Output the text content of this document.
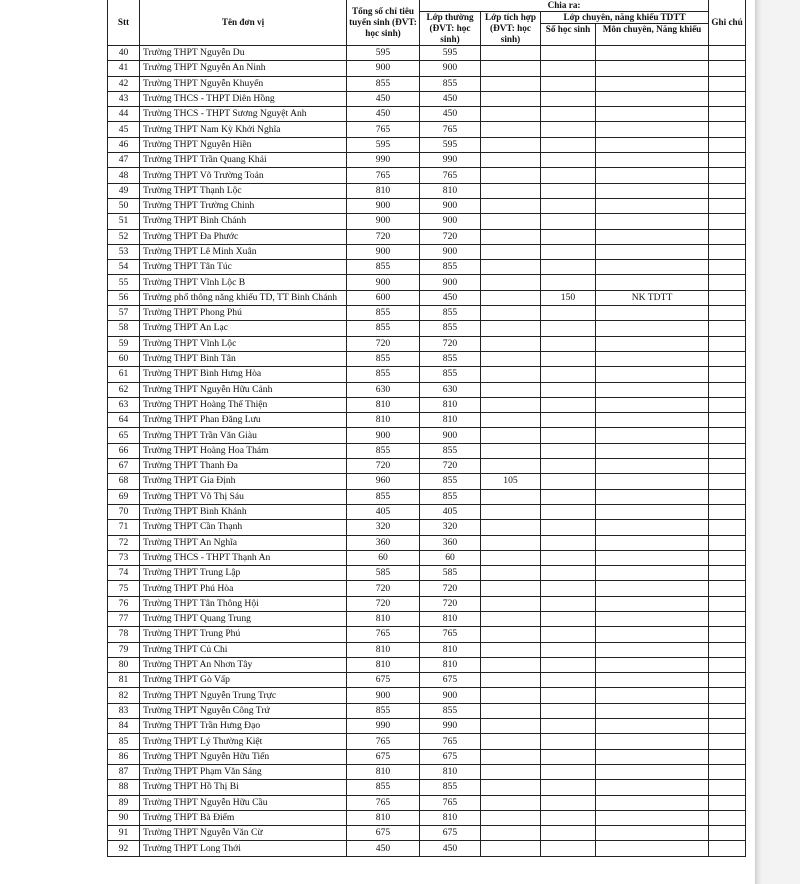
Stt	Tên đơn vị	Tổng số chỉ tiêu tuyển sinh (ĐVT: học sinh)	Chia ra:				Ghi chú
			Lớp thường (ĐVT: học sinh)	Lớp tích hợp (ĐVT: học sinh)	Lớp chuyên, năng khiếu TDTT		
					Số học sinh	Môn chuyên, Năng khiếu	
40	Trường THPT Nguyễn Du	595	595				
41	Trường THPT Nguyễn An Ninh	900	900				
42	Trường THPT Nguyễn Khuyến	855	855				
43	Trường THCS - THPT Diên Hồng	450	450				
44	Trường THCS - THPT Sương Nguyệt Anh	450	450				
45	Trường THPT Nam Kỳ Khởi Nghĩa	765	765				
46	Trường THPT Nguyễn Hiền	595	595				
47	Trường THPT Trần Quang Khải	990	990				
48	Trường THPT Võ Trường Toản	765	765				
49	Trường THPT Thạnh Lộc	810	810				
50	Trường THPT Trường Chinh	900	900				
51	Trường THPT Bình Chánh	900	900				
52	Trường THPT Đa Phước	720	720				
53	Trường THPT Lê Minh Xuân	900	900				
54	Trường THPT Tân Túc	855	855				
55	Trường THPT Vĩnh Lộc B	900	900				
56	Trường phổ thông năng khiếu TD, TT Bình Chánh	600	450		150	NK TDTT	
57	Trường THPT Phong Phú	855	855				
58	Trường THPT An Lạc	855	855				
59	Trường THPT Vĩnh Lộc	720	720				
60	Trường THPT Bình Tân	855	855				
61	Trường THPT Bình Hưng Hòa	855	855				
62	Trường THPT Nguyễn Hữu Cảnh	630	630				
63	Trường THPT Hoàng Thế Thiện	810	810				
64	Trường THPT Phan Đăng Lưu	810	810				
65	Trường THPT Trần Văn Giàu	900	900				
66	Trường THPT Hoàng Hoa Thám	855	855				
67	Trường THPT Thanh Đa	720	720				
68	Trường THPT Gia Định	960	855	105			
69	Trường THPT Võ Thị Sáu	855	855				
70	Trường THPT Bình Khánh	405	405				
71	Trường THPT Cần Thạnh	320	320				
72	Trường THPT An Nghĩa	360	360				
73	Trường THCS - THPT Thạnh An	60	60				
74	Trường THPT Trung Lập	585	585				
75	Trường THPT Phú Hòa	720	720				
76	Trường THPT Tân Thông Hội	720	720				
77	Trường THPT Quang Trung	810	810				
78	Trường THPT Trung Phú	765	765				
79	Trường THPT Củ Chi	810	810				
80	Trường THPT An Nhơn Tây	810	810				
81	Trường THPT Gò Vấp	675	675				
82	Trường THPT Nguyễn Trung Trực	900	900				
83	Trường THPT Nguyễn Công Trứ	855	855				
84	Trường THPT Trần Hưng Đạo	990	990				
85	Trường THPT Lý Thường Kiệt	765	765				
86	Trường THPT Nguyễn Hữu Tiến	675	675				
87	Trường THPT Phạm Văn Sáng	810	810				
88	Trường THPT Hồ Thị Bi	855	855				
89	Trường THPT Nguyễn Hữu Cầu	765	765				
90	Trường THPT Bà Điểm	810	810				
91	Trường THPT Nguyễn Văn Cừ	675	675				
92	Trường THPT Long Thới	450	450				
